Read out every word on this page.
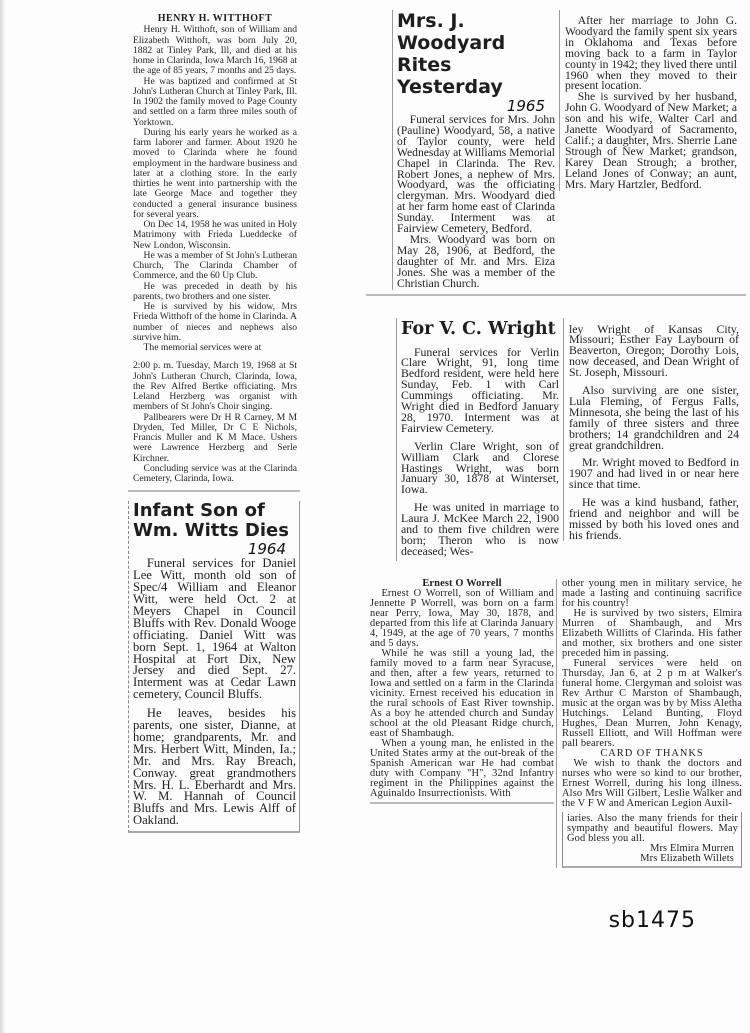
HENRY H. WITTHOFT

Henry H. Witthoft, son of William and Elizabeth Witthoft, was born July 20, 1882 at Tinley Park, Ill, and died at his home in Clarinda, Iowa March 16, 1968 at the age of 85 years, 7 months and 25 days.

He was baptized and confirmed at St John's Lutheran Church at Tinley Park, Ill. In 1902 the family moved to Page County and settled on a farm three miles south of Yorktown.

During his early years he worked as a farm laborer and farmer. About 1920 he moved to Clarinda where he found employment in the hardware business and later at a clothing store. In the early thirties he went into partnership with the late George Mace and together they conducted a general insurance business for several years.

On Dec 14, 1958 he was united in Holy Matrimony with Frieda Lueddecke of New London, Wisconsin.

He was a member of St John's Lutheran Church, The Clarinda Chamber of Commerce, and the 60 Up Club.

He was preceded in death by his parents, two brothers and one sister.

He is survived by his widow, Mrs Frieda Witthoft of the home in Clarinda. A number of nieces and nephews also survive him.

The memorial services were at

2:00 p. m. Tuesday, March 19, 1968 at St John's Lutheran Church, Clarinda, Iowa, the Rev Alfred Bertke officiating. Mrs Leland Herzberg was organist with members of St John's Choir singing.

Pallbearers were Dr H R Carney, M M Dryden, Ted Miller, Dr C E Nichols, Francis Muller and K M Mace. Ushers were Lawrence Herzberg and Serle Kirchner.

Concluding service was at the Clarinda Cemetery, Clarinda, Iowa.

Infant Son of Wm. Witts Dies
1964

Funeral services for Daniel Lee Witt, month old son of Spec/4 William and Eleanor Witt, were held Oct. 2 at Meyers Chapel in Council Bluffs with Rev. Donald Wooge officiating. Daniel Witt was born Sept. 1, 1964 at Walton Hospital at Fort Dix, New Jersey and died Sept. 27. Interment was at Cedar Lawn cemetery, Council Bluffs.

He leaves, besides his parents, one sister, Dianne, at home; grandparents, Mr. and Mrs. Herbert Witt, Minden, Ia.; Mr. and Mrs. Ray Breach, Conway. great grandmothers Mrs. H. L. Eberhardt and Mrs. W. M. Hannah of Council Bluffs and Mrs. Lewis Alff of Oakland.

Mrs. J. Woodyard Rites Yesterday
1965

Funeral services for Mrs. John (Pauline) Woodyard, 58, a native of Taylor county, were held Wednesday at Williams Memorial Chapel in Clarinda. The Rev. Robert Jones, a nephew of Mrs. Woodyard, was the officiating clergyman. Mrs. Woodyard died at her farm home east of Clarinda Sunday. Interment was at Fairview Cemetery, Bedford.

Mrs. Woodyard was born on May 28, 1906, at Bedford, the daughter of Mr. and Mrs. Eiza Jones. She was a member of the Christian Church.

After her marriage to John G. Woodyard the family spent six years in Oklahoma and Texas before moving back to a farm in Taylor county in 1942; they lived there until 1960 when they moved to their present location.

She is survived by her husband, John G. Woodyard of New Market; a son and his wife, Walter Carl and Janette Woodyard of Sacramento, Calif.; a daughter, Mrs. Sherrie Lane Strough of New Market; grandson, Karey Dean Strough; a brother, Leland Jones of Conway; an aunt, Mrs. Mary Hartzler, Bedford.

For V. C. Wright

Funeral services for Verlin Clare Wright, 91, long time Bedford resident, were held here Sunday, Feb. 1 with Carl Cummings officiating. Mr. Wright died in Bedford January 28, 1970. Interment was at Fairview Cemetery.

Verlin Clare Wright, son of William Clark and Clorese Hastings Wright, was born January 30, 1878 at Winterset, Iowa.

He was united in marriage to Laura J. McKee March 22, 1900 and to them five children were born; Theron who is now deceased; Wes-

ley Wright of Kansas City, Missouri; Esther Fay Laybourn of Beaverton, Oregon; Dorothy Lois, now deceased, and Dean Wright of St. Joseph, Missouri.

Also surviving are one sister, Lula Fleming, of Fergus Falls, Minnesota, she being the last of his family of three sisters and three brothers; 14 grandchildren and 24 great grandchildren.

Mr. Wright moved to Bedford in 1907 and had lived in or near here since that time.

He was a kind husband, father, friend and neighbor and will be missed by both his loved ones and his friends.

Ernest O Worrell

Ernest O Worrell, son of William and Jennette P Worrell, was born on a farm near Perry, Iowa, May 30, 1878, and departed from this life at Clarinda January 4, 1949, at the age of 70 years, 7 months and 5 days.

While he was still a young lad, the family moved to a farm near Syracuse, and then, after a few years, returned to Iowa and settled on a farm in the Clarinda vicinity. Ernest received his education in the rural schools of East River township. As a boy he attended church and Sunday school at the old Pleasant Ridge church, east of Shambaugh.

When a young man, he enlisted in the United States army at the out-break of the Spanish American war He had combat duty with Company "H", 32nd Infantry regiment in the Philippines against the Aguinaldo Insurrectionists. With

other young men in military service, he made a lasting and continuing sacrifice for his country!

He is survived by two sisters, Elmira Murren of Shambaugh, and Mrs Elizabeth Willitts of Clarinda. His father and mother, six brothers and one sister preceded him in passing.

Funeral services were held on Thursday, Jan 6, at 2 p m at Walker's funeral home. Clergyman and soloist was Rev Arthur C Marston of Shambaugh, music at the organ was by by Miss Aletha Hutchings. Leland Bunting, Floyd Hughes, Dean Murren, John Kenagy, Russell Elliott, and Will Hoffman were pall bearers.

CARD OF THANKS

We wish to thank the doctors and nurses who were so kind to our brother, Ernest Worrell, during his long illness. Also Mrs Will Gilbert, Leslie Walker and the V F W and American Legion Auxil-

iaries. Also the many friends for their sympathy and beautiful flowers. May God bless you all.

Mrs Elmira Murren
Mrs Elizabeth Willets
sb1475
